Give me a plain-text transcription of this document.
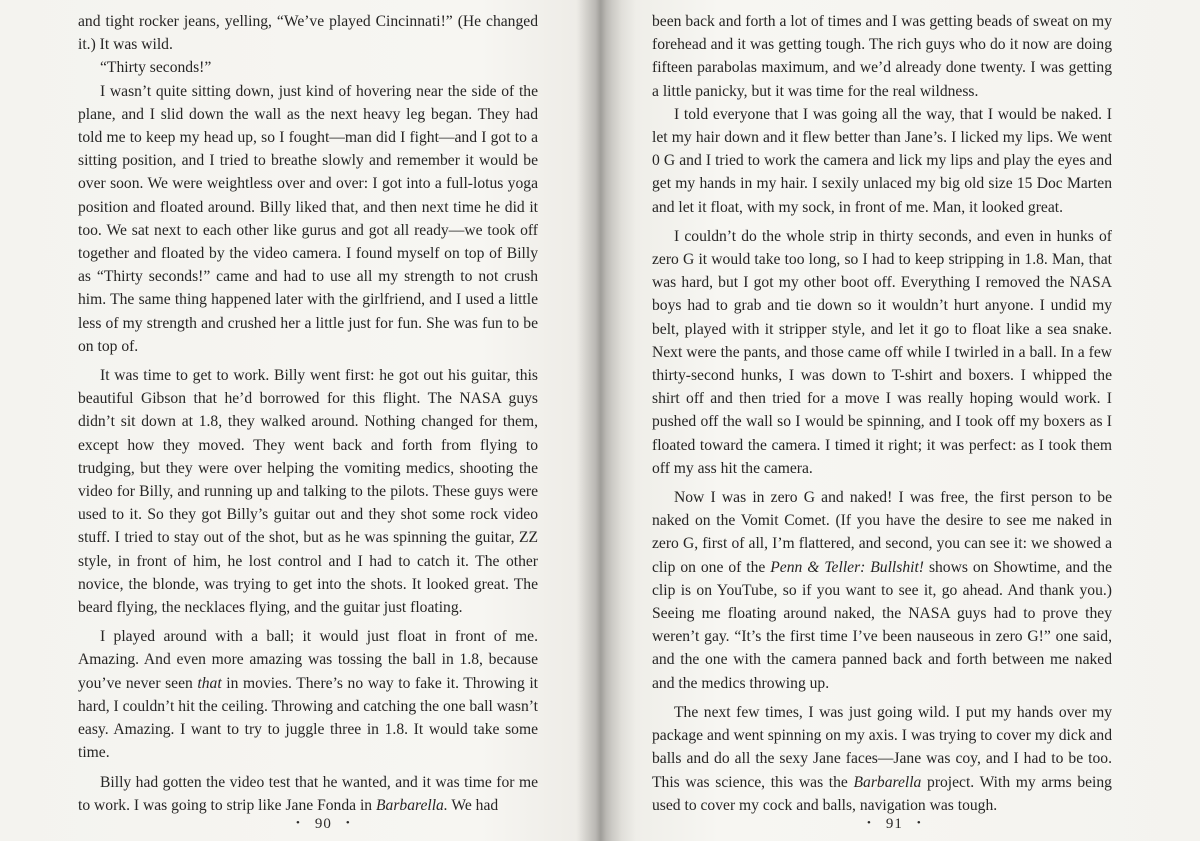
and tight rocker jeans, yelling, “We’ve played Cincinnati!” (He changed it.) It was wild.

“Thirty seconds!”

I wasn’t quite sitting down, just kind of hovering near the side of the plane, and I slid down the wall as the next heavy leg began. They had told me to keep my head up, so I fought—man did I fight—and I got to a sitting position, and I tried to breathe slowly and remember it would be over soon. We were weightless over and over: I got into a full-lotus yoga position and floated around. Billy liked that, and then next time he did it too. We sat next to each other like gurus and got all ready—we took off together and floated by the video camera. I found myself on top of Billy as “Thirty seconds!” came and had to use all my strength to not crush him. The same thing happened later with the girlfriend, and I used a little less of my strength and crushed her a little just for fun. She was fun to be on top of.

It was time to get to work. Billy went first: he got out his guitar, this beautiful Gibson that he’d borrowed for this flight. The NASA guys didn’t sit down at 1.8, they walked around. Nothing changed for them, except how they moved. They went back and forth from flying to trudging, but they were over helping the vomiting medics, shooting the video for Billy, and running up and talking to the pilots. These guys were used to it. So they got Billy’s guitar out and they shot some rock video stuff. I tried to stay out of the shot, but as he was spinning the guitar, ZZ style, in front of him, he lost control and I had to catch it. The other novice, the blonde, was trying to get into the shots. It looked great. The beard flying, the necklaces flying, and the guitar just floating.

I played around with a ball; it would just float in front of me. Amazing. And even more amazing was tossing the ball in 1.8, because you’ve never seen that in movies. There’s no way to fake it. Throwing it hard, I couldn’t hit the ceiling. Throwing and catching the one ball wasn’t easy. Amazing. I want to try to juggle three in 1.8. It would take some time.

Billy had gotten the video test that he wanted, and it was time for me to work. I was going to strip like Jane Fonda in Barbarella. We had

• 90 •

been back and forth a lot of times and I was getting beads of sweat on my forehead and it was getting tough. The rich guys who do it now are doing fifteen parabolas maximum, and we’d already done twenty. I was getting a little panicky, but it was time for the real wildness.

I told everyone that I was going all the way, that I would be naked. I let my hair down and it flew better than Jane’s. I licked my lips. We went 0 G and I tried to work the camera and lick my lips and play the eyes and get my hands in my hair. I sexily unlaced my big old size 15 Doc Marten and let it float, with my sock, in front of me. Man, it looked great.

I couldn’t do the whole strip in thirty seconds, and even in hunks of zero G it would take too long, so I had to keep stripping in 1.8. Man, that was hard, but I got my other boot off. Everything I removed the NASA boys had to grab and tie down so it wouldn’t hurt anyone. I undid my belt, played with it stripper style, and let it go to float like a sea snake. Next were the pants, and those came off while I twirled in a ball. In a few thirty-second hunks, I was down to T-shirt and boxers. I whipped the shirt off and then tried for a move I was really hoping would work. I pushed off the wall so I would be spinning, and I took off my boxers as I floated toward the camera. I timed it right; it was perfect: as I took them off my ass hit the camera.

Now I was in zero G and naked! I was free, the first person to be naked on the Vomit Comet. (If you have the desire to see me naked in zero G, first of all, I’m flattered, and second, you can see it: we showed a clip on one of the Penn & Teller: Bullshit! shows on Showtime, and the clip is on YouTube, so if you want to see it, go ahead. And thank you.) Seeing me floating around naked, the NASA guys had to prove they weren’t gay. “It’s the first time I’ve been nauseous in zero G!” one said, and the one with the camera panned back and forth between me naked and the medics throwing up.

The next few times, I was just going wild. I put my hands over my package and went spinning on my axis. I was trying to cover my dick and balls and do all the sexy Jane faces—Jane was coy, and I had to be too. This was science, this was the Barbarella project. With my arms being used to cover my cock and balls, navigation was tough.

• 91 •
